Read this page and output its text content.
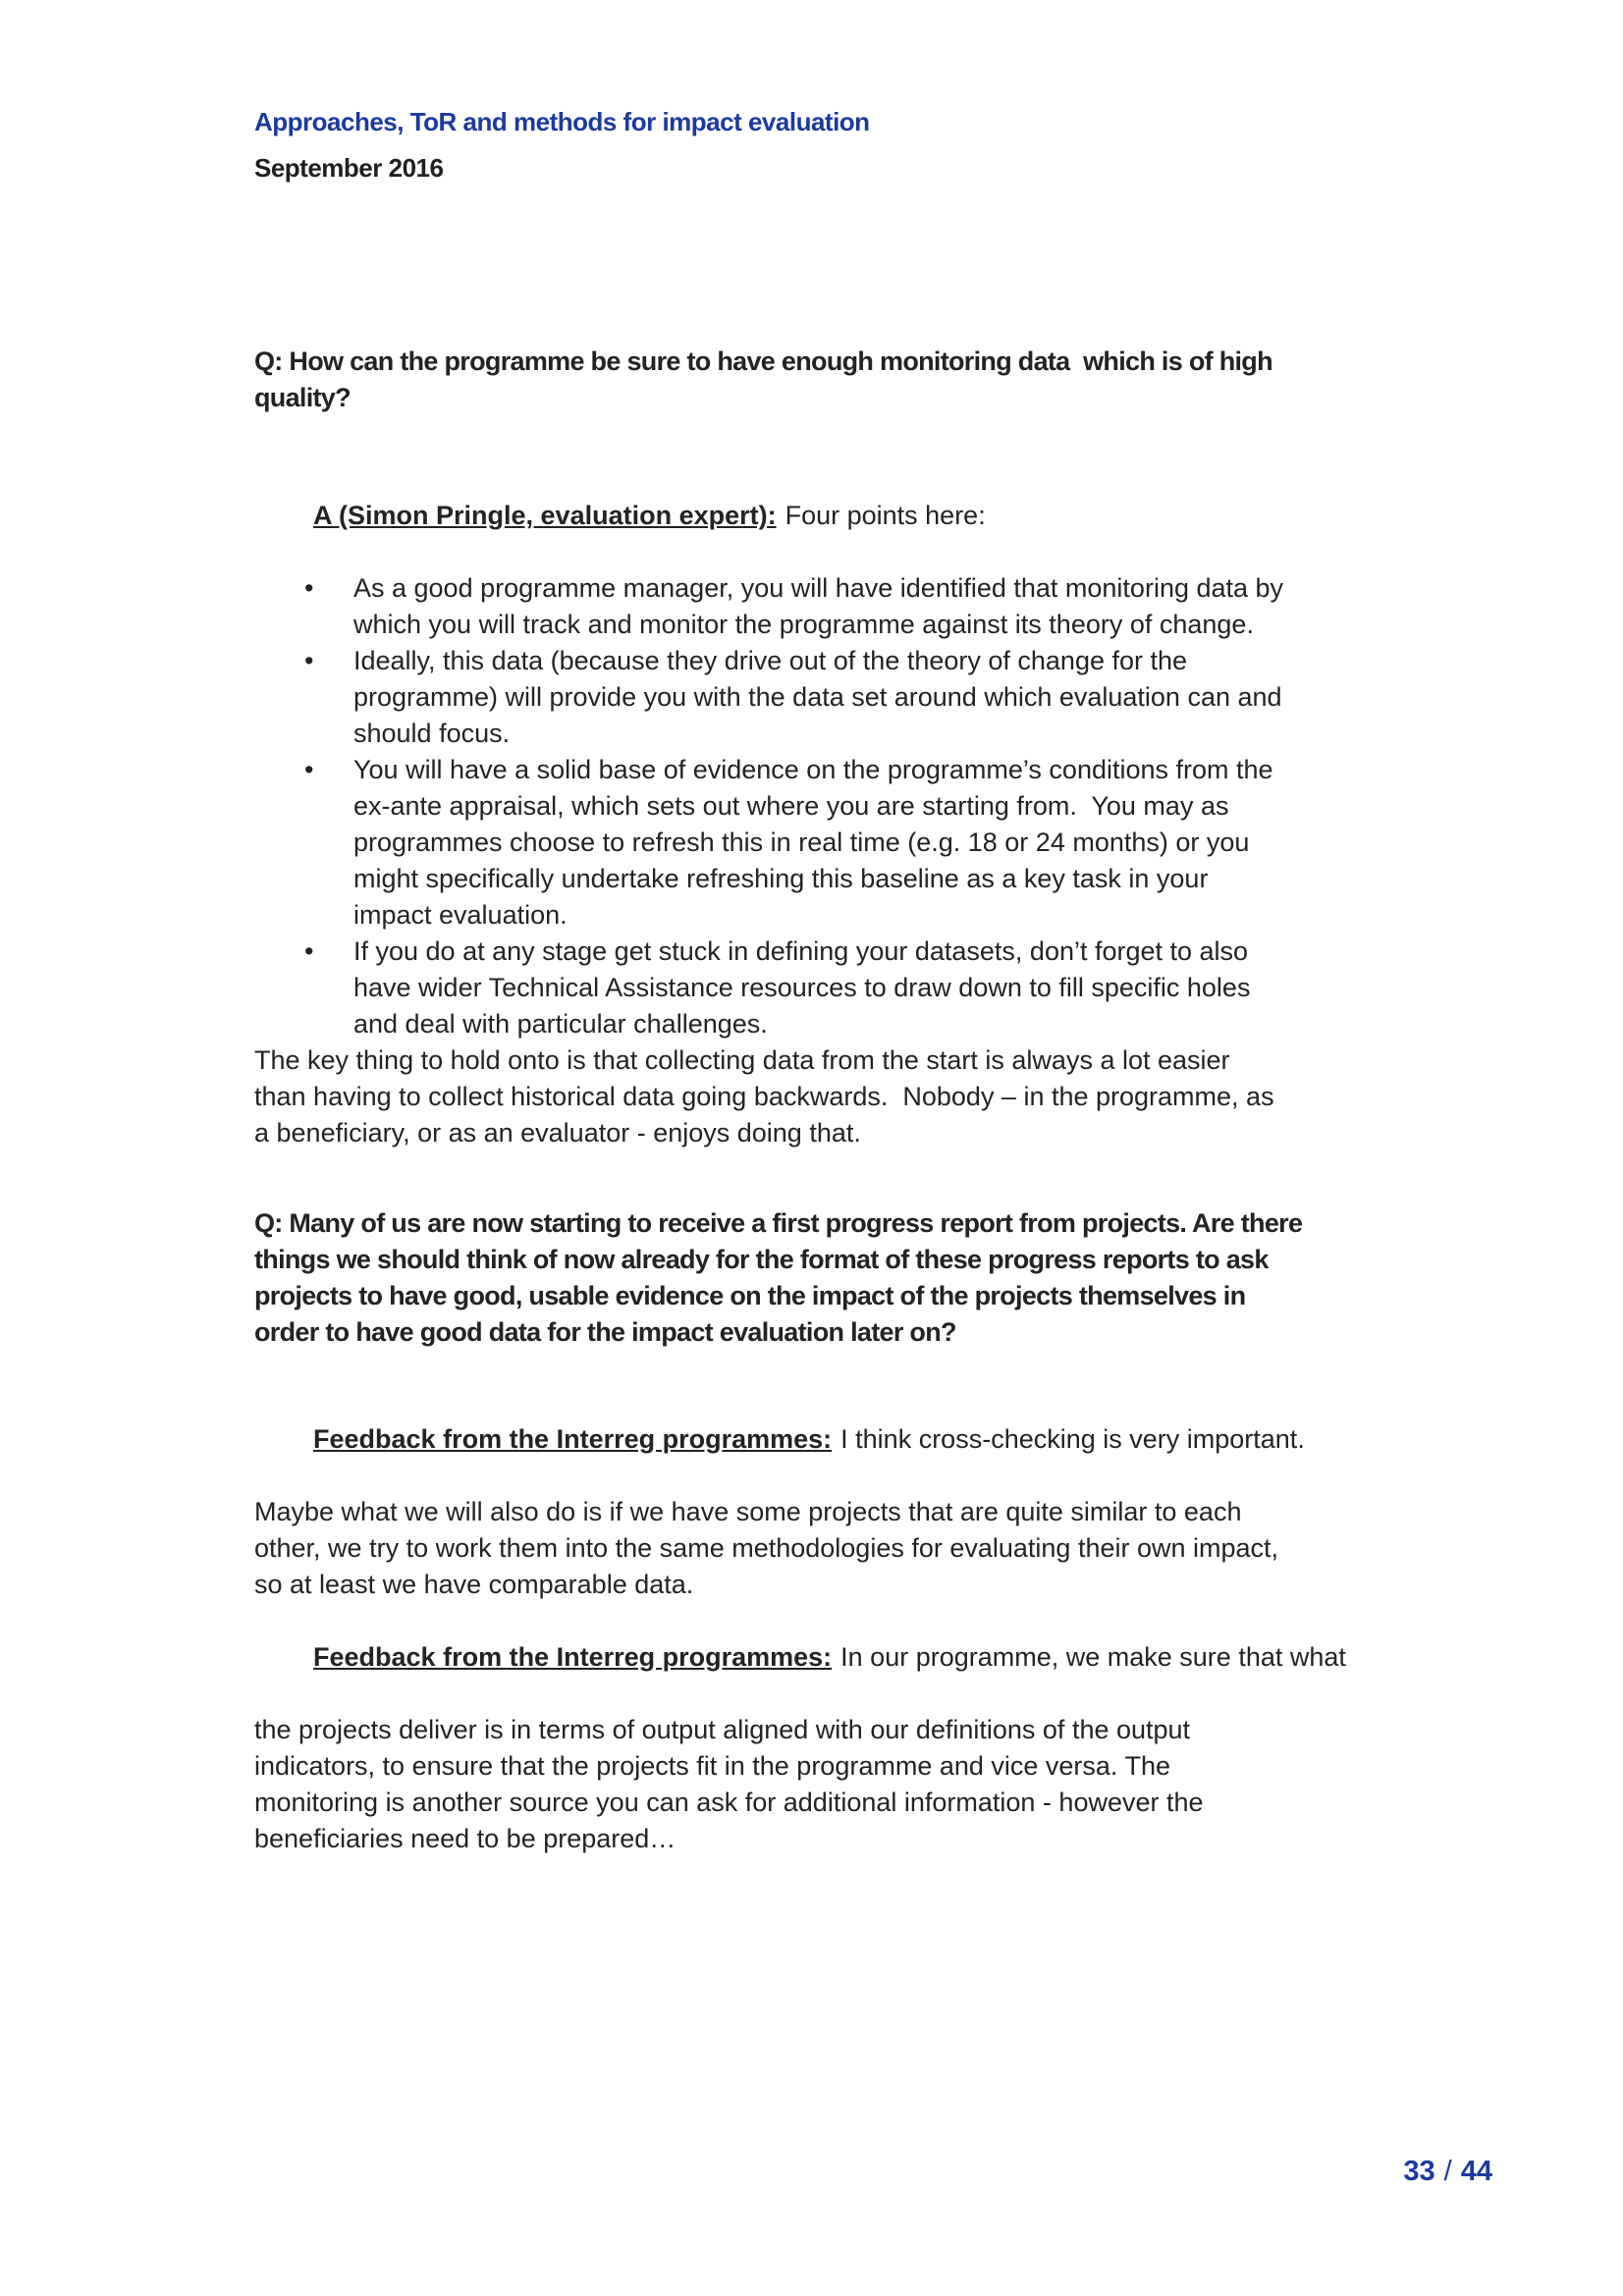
Approaches, ToR and methods for impact evaluation
September 2016
Q: How can the programme be sure to have enough monitoring data  which is of high
quality?

A (Simon Pringle, evaluation expert): Four points here:

• As a good programme manager, you will have identified that monitoring data by
which you will track and monitor the programme against its theory of change.
• Ideally, this data (because they drive out of the theory of change for the
programme) will provide you with the data set around which evaluation can and
should focus.
• You will have a solid base of evidence on the programme’s conditions from the
ex-ante appraisal, which sets out where you are starting from.  You may as
programmes choose to refresh this in real time (e.g. 18 or 24 months) or you
might specifically undertake refreshing this baseline as a key task in your
impact evaluation.
• If you do at any stage get stuck in defining your datasets, don’t forget to also
have wider Technical Assistance resources to draw down to fill specific holes
and deal with particular challenges.
The key thing to hold onto is that collecting data from the start is always a lot easier
than having to collect historical data going backwards.  Nobody – in the programme, as
a beneficiary, or as an evaluator - enjoys doing that.
Q: Many of us are now starting to receive a first progress report from projects. Are there
things we should think of now already for the format of these progress reports to ask
projects to have good, usable evidence on the impact of the projects themselves in
order to have good data for the impact evaluation later on?

Feedback from the Interreg programmes: I think cross-checking is very important.

Maybe what we will also do is if we have some projects that are quite similar to each
other, we try to work them into the same methodologies for evaluating their own impact,
so at least we have comparable data.

Feedback from the Interreg programmes: In our programme, we make sure that what

the projects deliver is in terms of output aligned with our definitions of the output
indicators, to ensure that the projects fit in the programme and vice versa. The
monitoring is another source you can ask for additional information - however the
beneficiaries need to be prepared…

33 / 44
